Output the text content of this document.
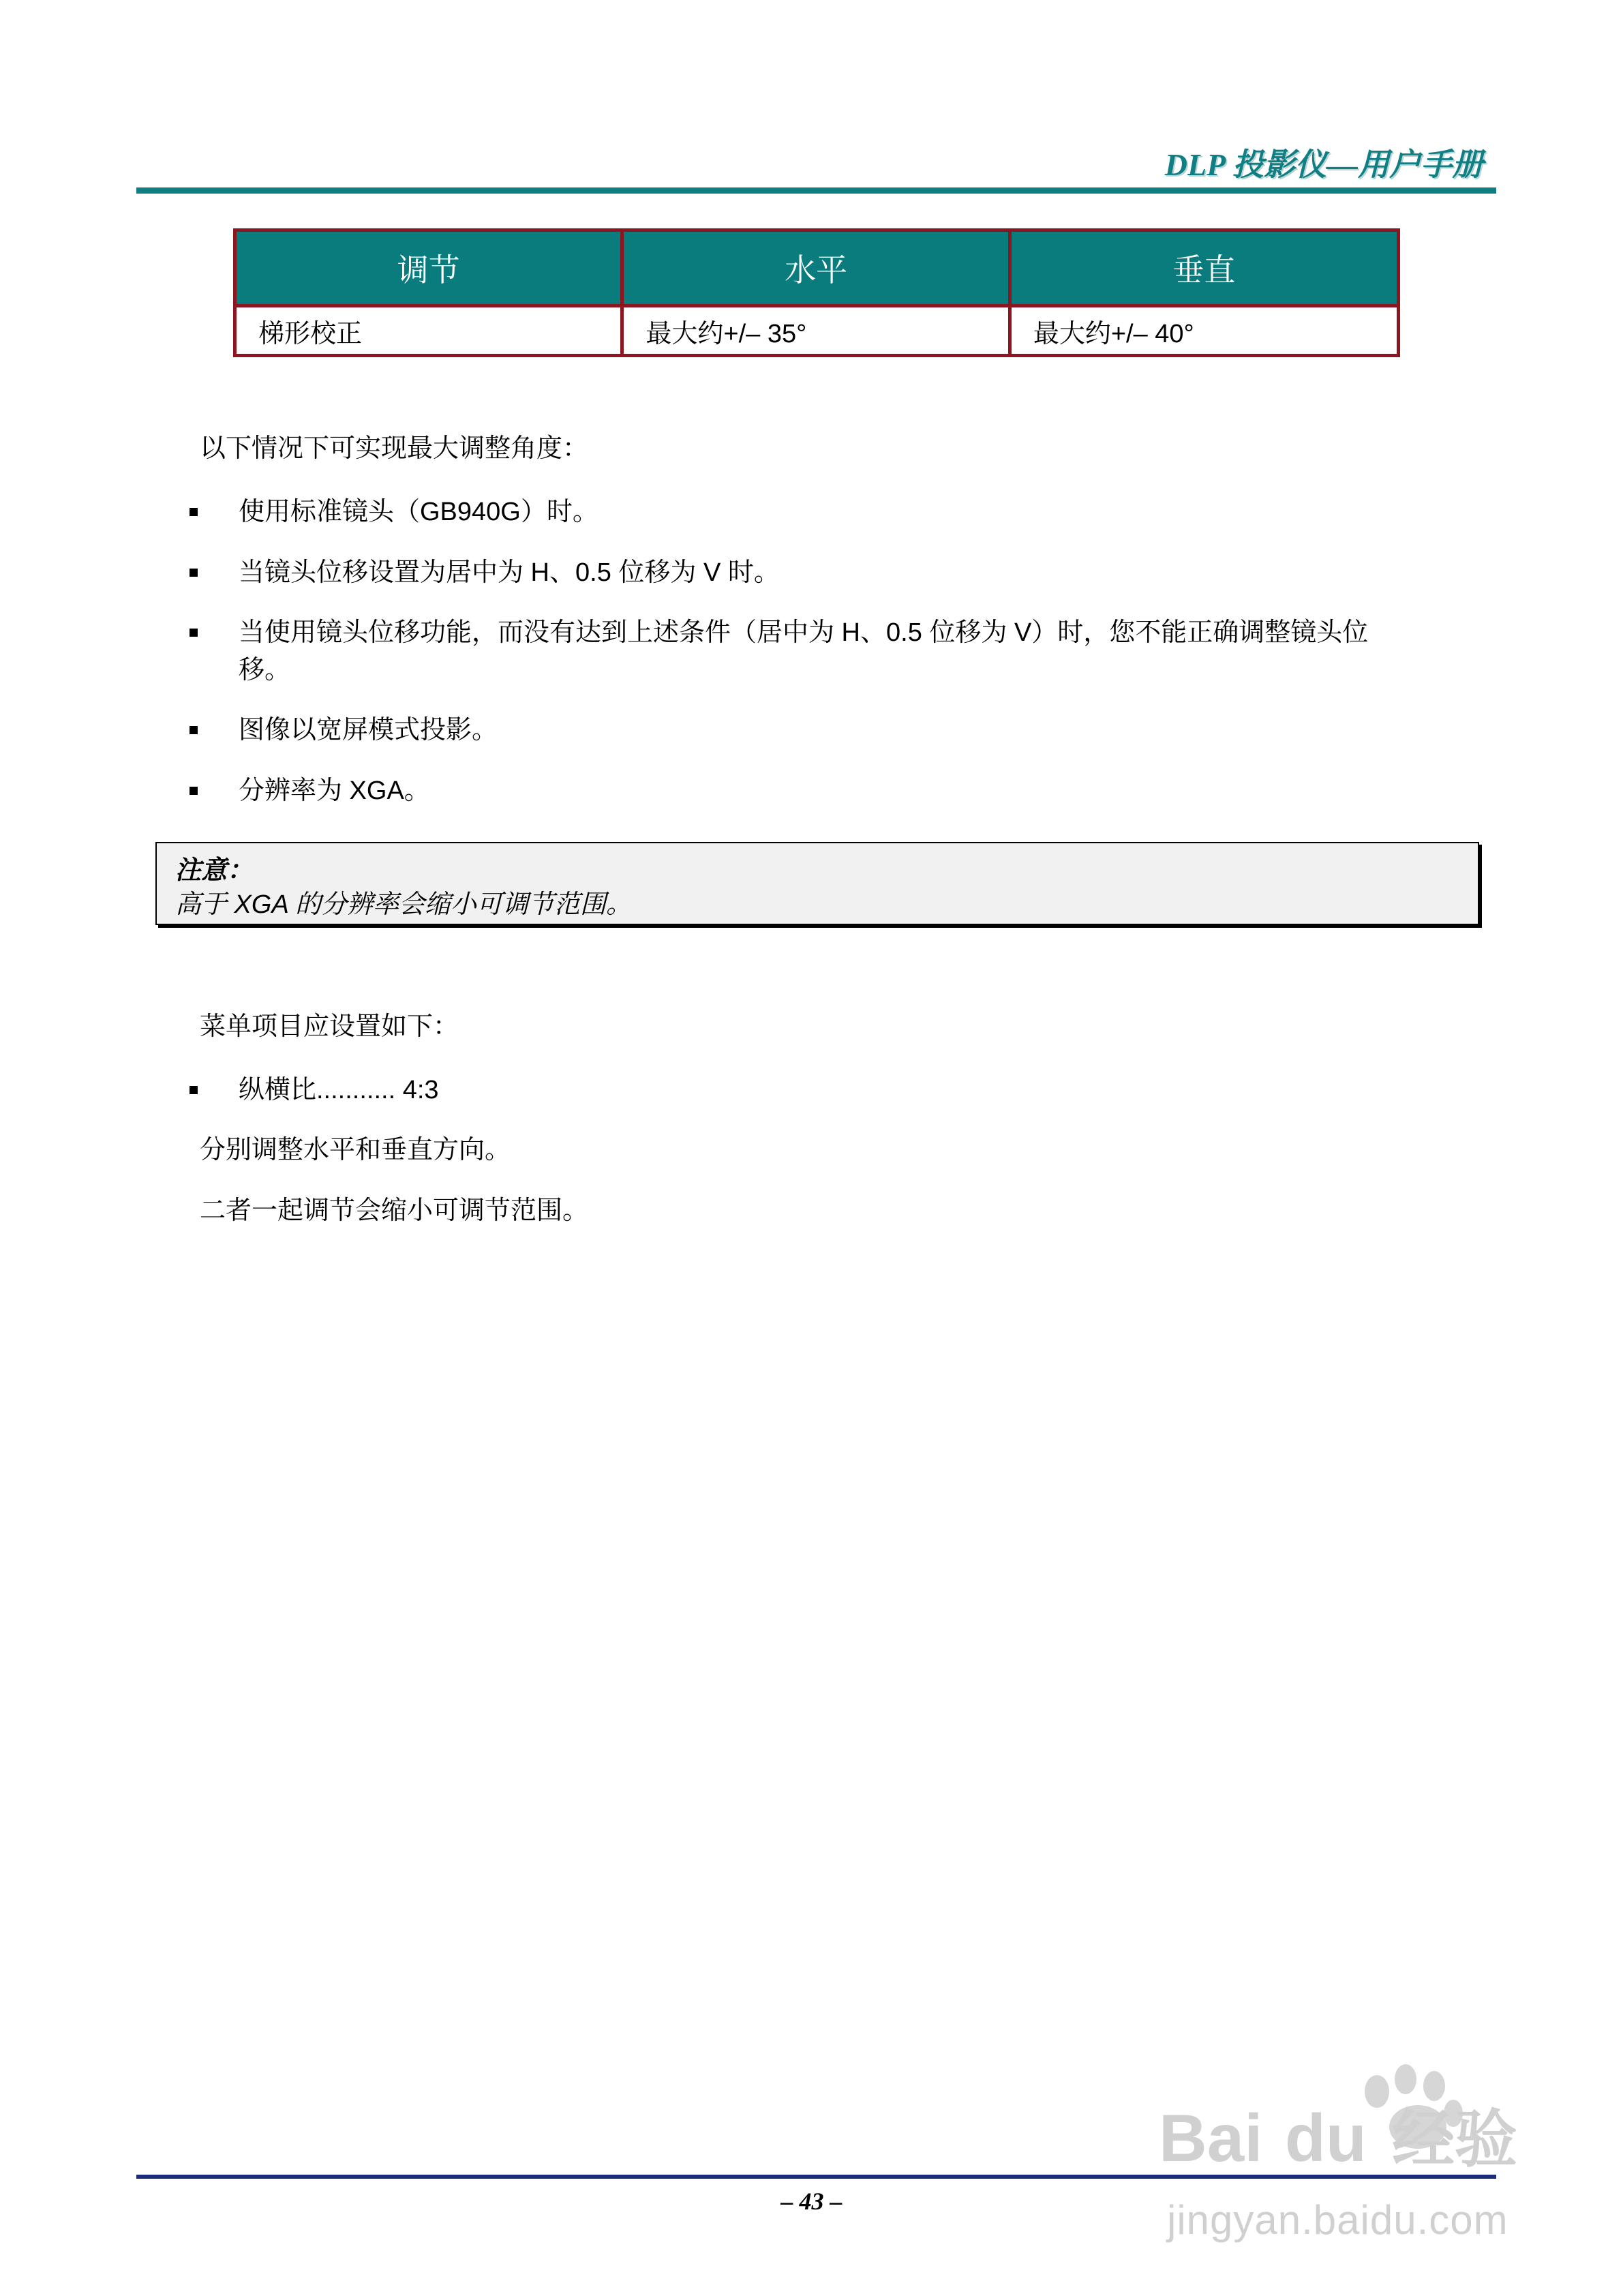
DLP 投影仪—用户手册
调节	水平	垂直
梯形校正	最大约+/– 35°	最大约+/– 40°
以下情况下可实现最大调整角度：
使用标准镜头（GB940G）时。
当镜头位移设置为居中为 H、0.5 位移为 V 时。
当使用镜头位移功能，而没有达到上述条件（居中为 H、0.5 位移为 V）时，您不能正确调整镜头位
移。
图像以宽屏模式投影。
分辨率为 XGA。
注意：
高于 XGA 的分辨率会缩小可调节范围。
菜单项目应设置如下：
纵横比........... 4:3
分别调整水平和垂直方向。
二者一起调节会缩小可调节范围。
Bai du 经验
– 43 –	jingyan.baidu.com
